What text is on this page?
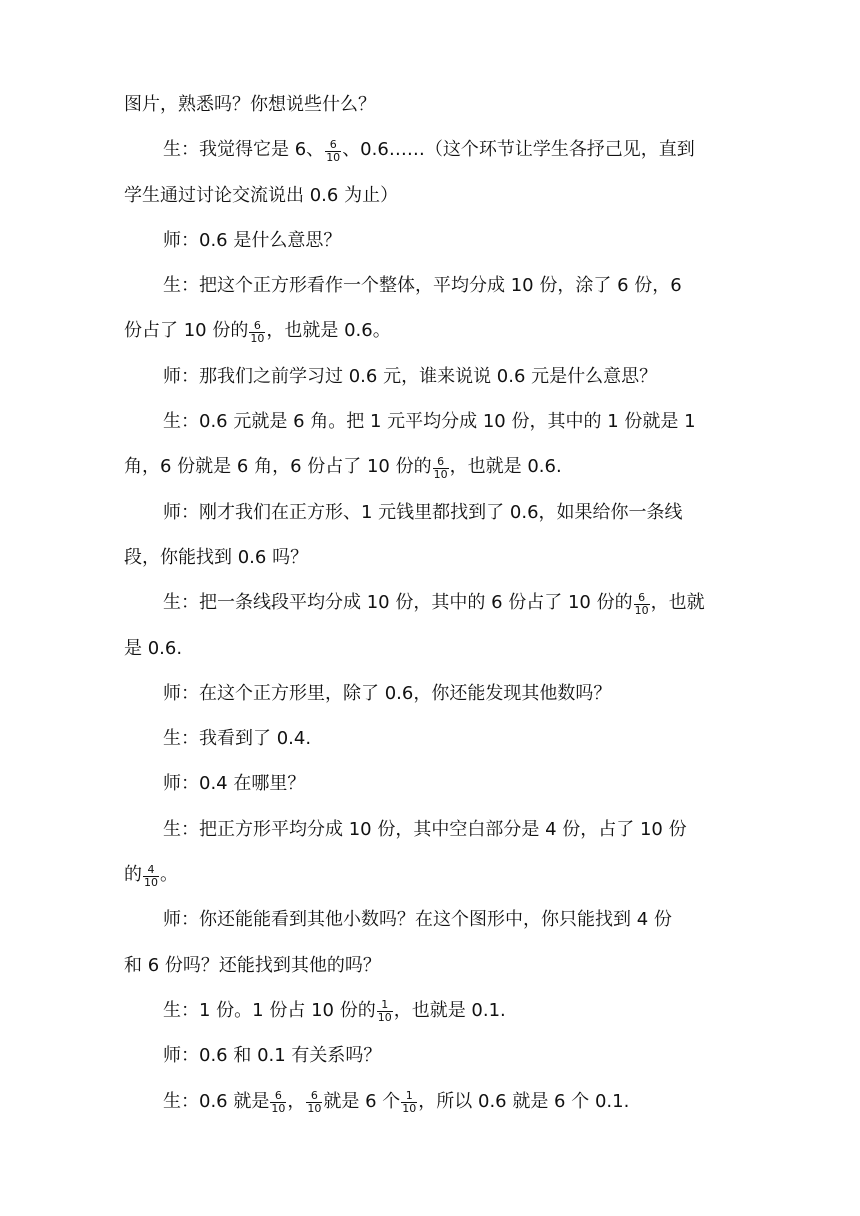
图片，熟悉吗？你想说些什么？
生：我觉得它是 6、 $\frac{6}{10}$ 、0.6……（这个环节让学生各抒己见，直到
学生通过讨论交流说出 0.6 为止）
师：0.6 是什么意思？
生：把这个正方形看作一个整体，平均分成 10 份，涂了 6 份，6
份占了 10 份的 $\frac{6}{10}$ ，也就是 0.6。
师：那我们之前学习过 0.6 元，谁来说说 0.6 元是什么意思？
生：0.6 元就是 6 角。把 1 元平均分成 10 份，其中的 1 份就是 1
角，6 份就是 6 角，6 份占了 10 份的 $\frac{6}{10}$ ，也就是 0.6.
师：刚才我们在正方形、1 元钱里都找到了 0.6，如果给你一条线
段，你能找到 0.6 吗？
生：把一条线段平均分成 10 份，其中的 6 份占了 10 份的 $\frac{6}{10}$ ，也就
是 0.6.
师：在这个正方形里，除了 0.6，你还能发现其他数吗？
生：我看到了 0.4.
师：0.4 在哪里？
生：把正方形平均分成 10 份，其中空白部分是 4 份，占了 10 份
的 $\frac{4}{10}$ 。
师：你还能能看到其他小数吗？在这个图形中，你只能找到 4 份
和 6 份吗？还能找到其他的吗？
生：1 份。1 份占 10 份的 $\frac{1}{10}$ ，也就是 0.1.
师：0.6 和 0.1 有关系吗？
生：0.6 就是 $\frac{6}{10}$ ， $\frac{6}{10}$ 就是 6 个 $\frac{1}{10}$ ，所以 0.6 就是 6 个 0.1.
